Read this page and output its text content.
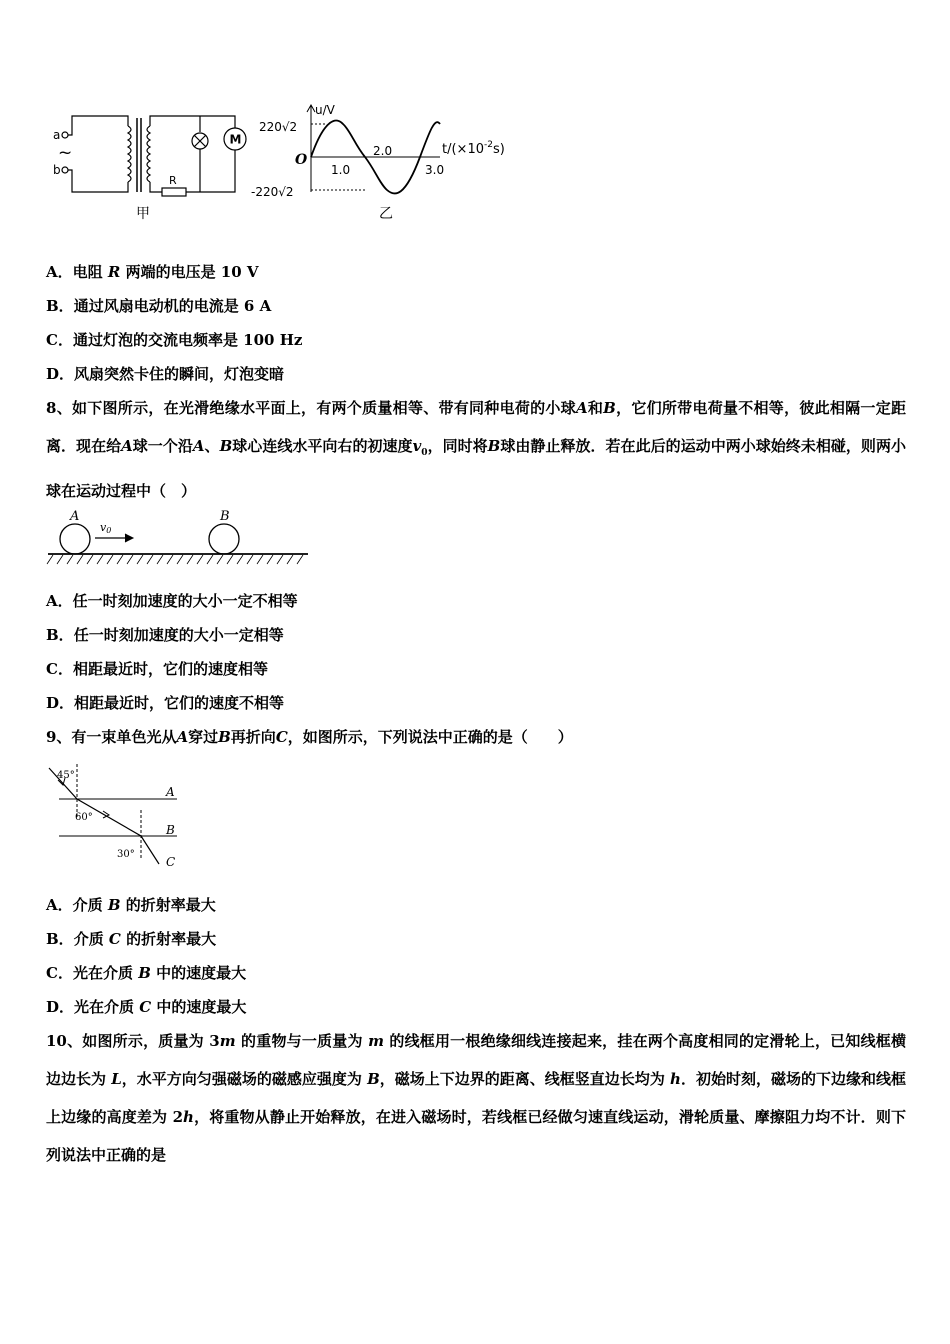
a
~
b
R
M
甲
u/V
220√2
O
-220√2
1.0
2.0
3.0
$t/(\times 10^{-2}s)$
乙
A．电阻 R 两端的电压是 10 V
B．通过风扇电动机的电流是 6 A
C．通过灯泡的交流电频率是 100 Hz
D．风扇突然卡住的瞬间，灯泡变暗
8、如下图所示，在光滑绝缘水平面上，有两个质量相等、带有同种电荷的小球A和B，它们所带电荷量不相等，彼此相隔一定距离．现在给A球一个沿A、B球心连线水平向右的初速度$v_0$，同时将B球由静止释放．若在此后的运动中两小球始终未相碰，则两小球在运动过程中（　）
A
v0
B
A．任一时刻加速度的大小一定不相等
B．任一时刻加速度的大小一定相等
C．相距最近时，它们的速度相等
D．相距最近时，它们的速度不相等
9、有一束单色光从A穿过B再折向C，如图所示，下列说法中正确的是（　　）
45°
A
60°
B
30°
C
A．介质 B 的折射率最大
B．介质 C 的折射率最大
C．光在介质 B 中的速度最大
D．光在介质 C 中的速度最大
10、如图所示，质量为 3m 的重物与一质量为 m 的线框用一根绝缘细线连接起来，挂在两个高度相同的定滑轮上，已知线框横边边长为 L，水平方向匀强磁场的磁感应强度为 B，磁场上下边界的距离、线框竖直边长均为 h．初始时刻，磁场的下边缘和线框上边缘的高度差为 2h，将重物从静止开始释放，在进入磁场时，若线框已经做匀速直线运动，滑轮质量、摩擦阻力均不计．则下列说法中正确的是
